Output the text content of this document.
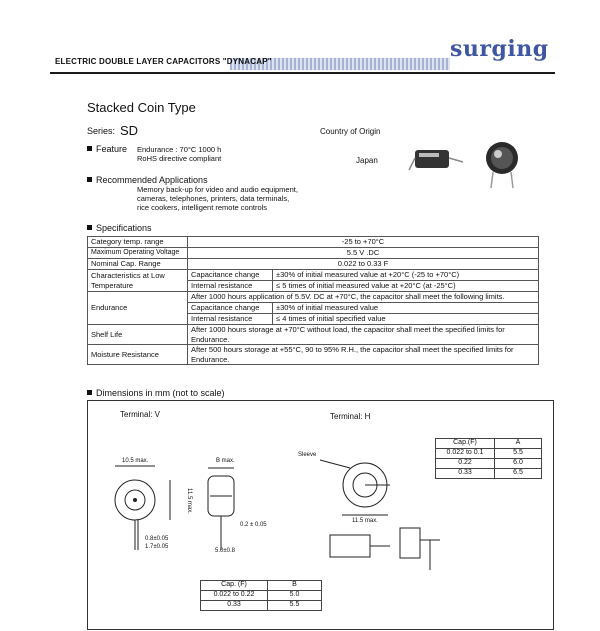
ELECTRIC DOUBLE LAYER CAPACITORS "DYNACAP"	surging
Stacked Coin Type
Series: SD	Country of Origin
Japan
Feature Endurance : 70°C 1000 h
RoHS directive compliant
Recommended Applications
Memory back-up for video and audio equipment,
cameras, telephones, printers, data terminals,
rice cookers, intelligent remote controls
Specifications
Category temp. range	-25 to +70°C	
Maximum Operating Voltage	5.5 V .DC	
Nominal Cap. Range	0.022 to 0.33 F	
Characteristics at Low Temperature	Capacitance change	±30% of initial measured value at +20°C (-25 to +70°C)
	Internal resistance	≤ 5 times of initial measured value at +20°C (at -25°C)
Endurance	After 1000 hours application of 5.5V. DC at +70°C, the capacitor shall meet the following limits.	
	Capacitance change	±30% of initial measured value
	Internal resistance	≤ 4 times of initial specified value
Shelf Life	After 1000 hours storage at +70°C without load, the capacitor shall meet the specified limits for Endurance.	
Moisture Resistance	After 500 hours storage at +55°C, 90 to 95% R.H., the capacitor shall meet the specified limits for Endurance.	
Dimensions in mm (not to scale)
Terminal: V	Terminal: H
10.5 max.	B max.
11.5 max.
0.8±0.05
1.7±0.05
0.2 ± 0.05
5.0±0.8
Sleeve
11.5 max.
Cap.(F)	A
0.022 to 0.1	5.5
0.22	6.0
0.33	6.5
Cap. (F)	B
0.022 to 0.22	5.0
0.33	5.5
